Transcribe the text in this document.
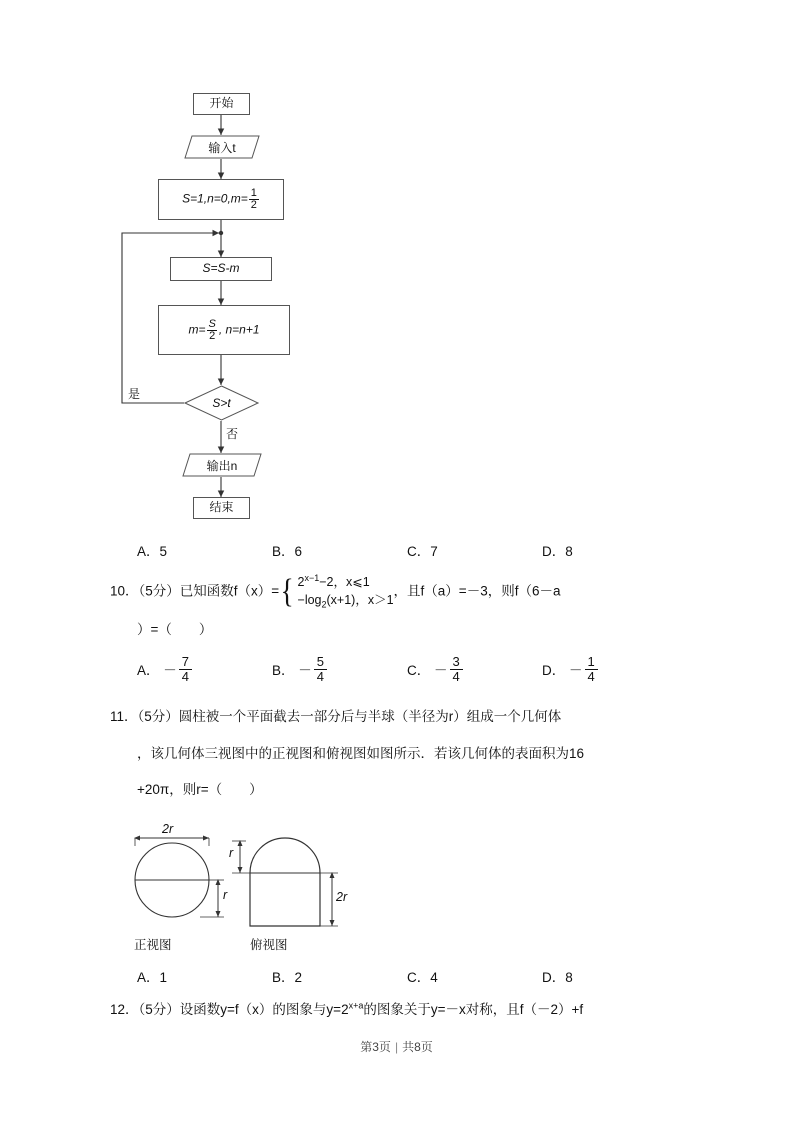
开始
输入t
$S=1,n=0,m= \frac{1}{2}$
S=S-m
$m= \frac{S}{2}$ , n=n+1
S>t
是
否
输出n
结束
A．5	B．6	C．7	D．8
10．（5分）已知函数f（x）= { $2^{x-1}-2$，x⩽1
$-\log_2(x+1)$，x＞1
，且f（a）=－3，则f（6－a
）=（　　）
A． － $\frac{7}{4}$	B． － $\frac{5}{4}$	C． － $\frac{3}{4}$	D． － $\frac{1}{4}$
11．（5分）圆柱被一个平面截去一部分后与半球（半径为r）组成一个几何体
，该几何体三视图中的正视图和俯视图如图所示．若该几何体的表面积为16
+20π，则r=（　　）
2r
r
r
2r
正视图	俯视图
A．1	B．2	C．4	D．8
12．（5分）设函数y=f（x）的图象与$y=2^{x+a}$的图象关于y=－x对称，且f（－2）+f
第3页 | 共8页
